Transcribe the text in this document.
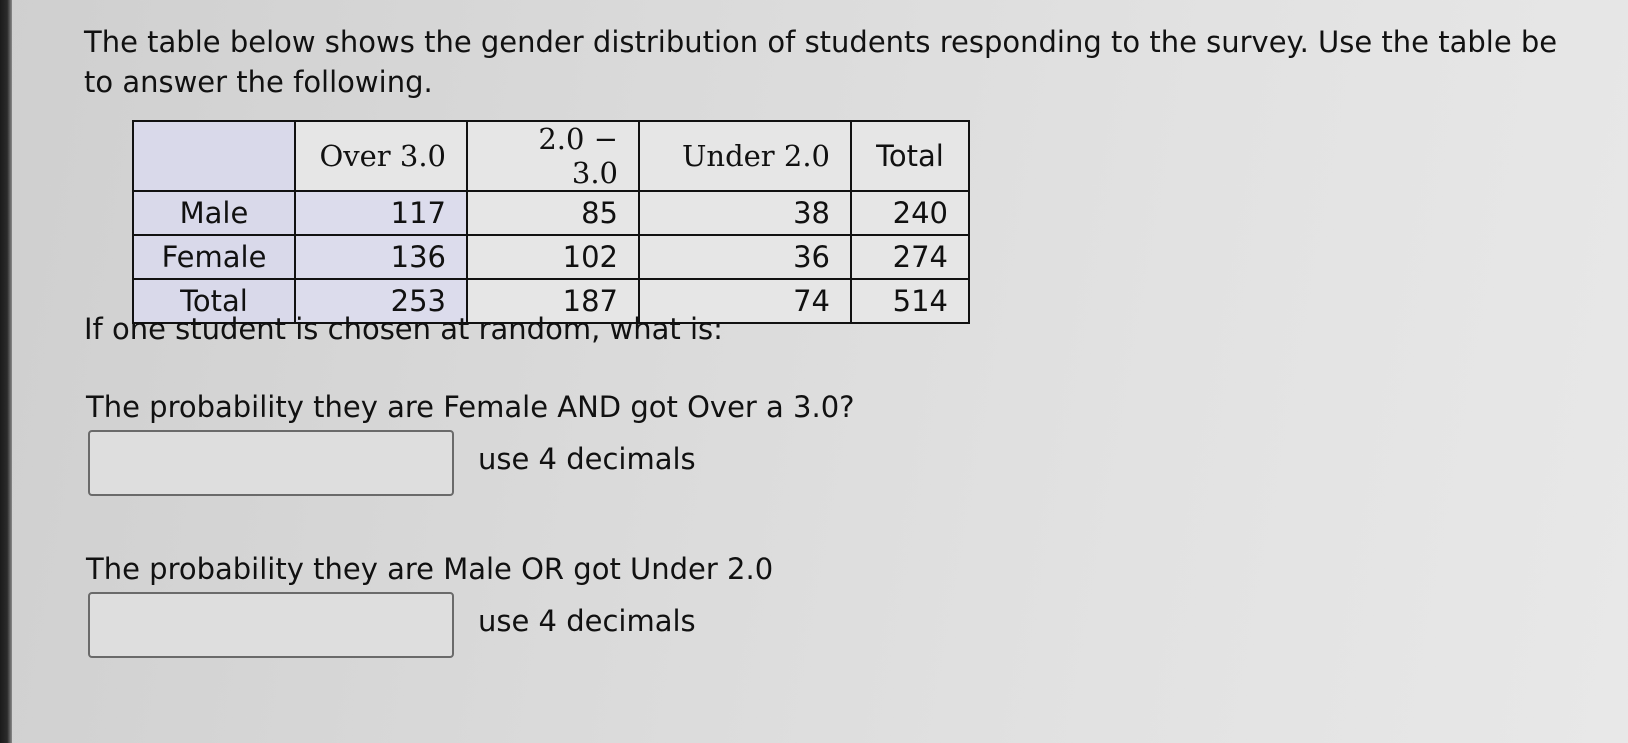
The table below shows the gender distribution of students responding to the survey. Use the table be
to answer the following.
	Over 3.0	2.0 − 3.0	Under 2.0	Total
Male	117	85	38	240
Female	136	102	36	274
Total	253	187	74	514
If one student is chosen at random, what is:
The probability they are Female AND got Over a 3.0?
use 4 decimals
The probability they are Male OR got Under 2.0
use 4 decimals
